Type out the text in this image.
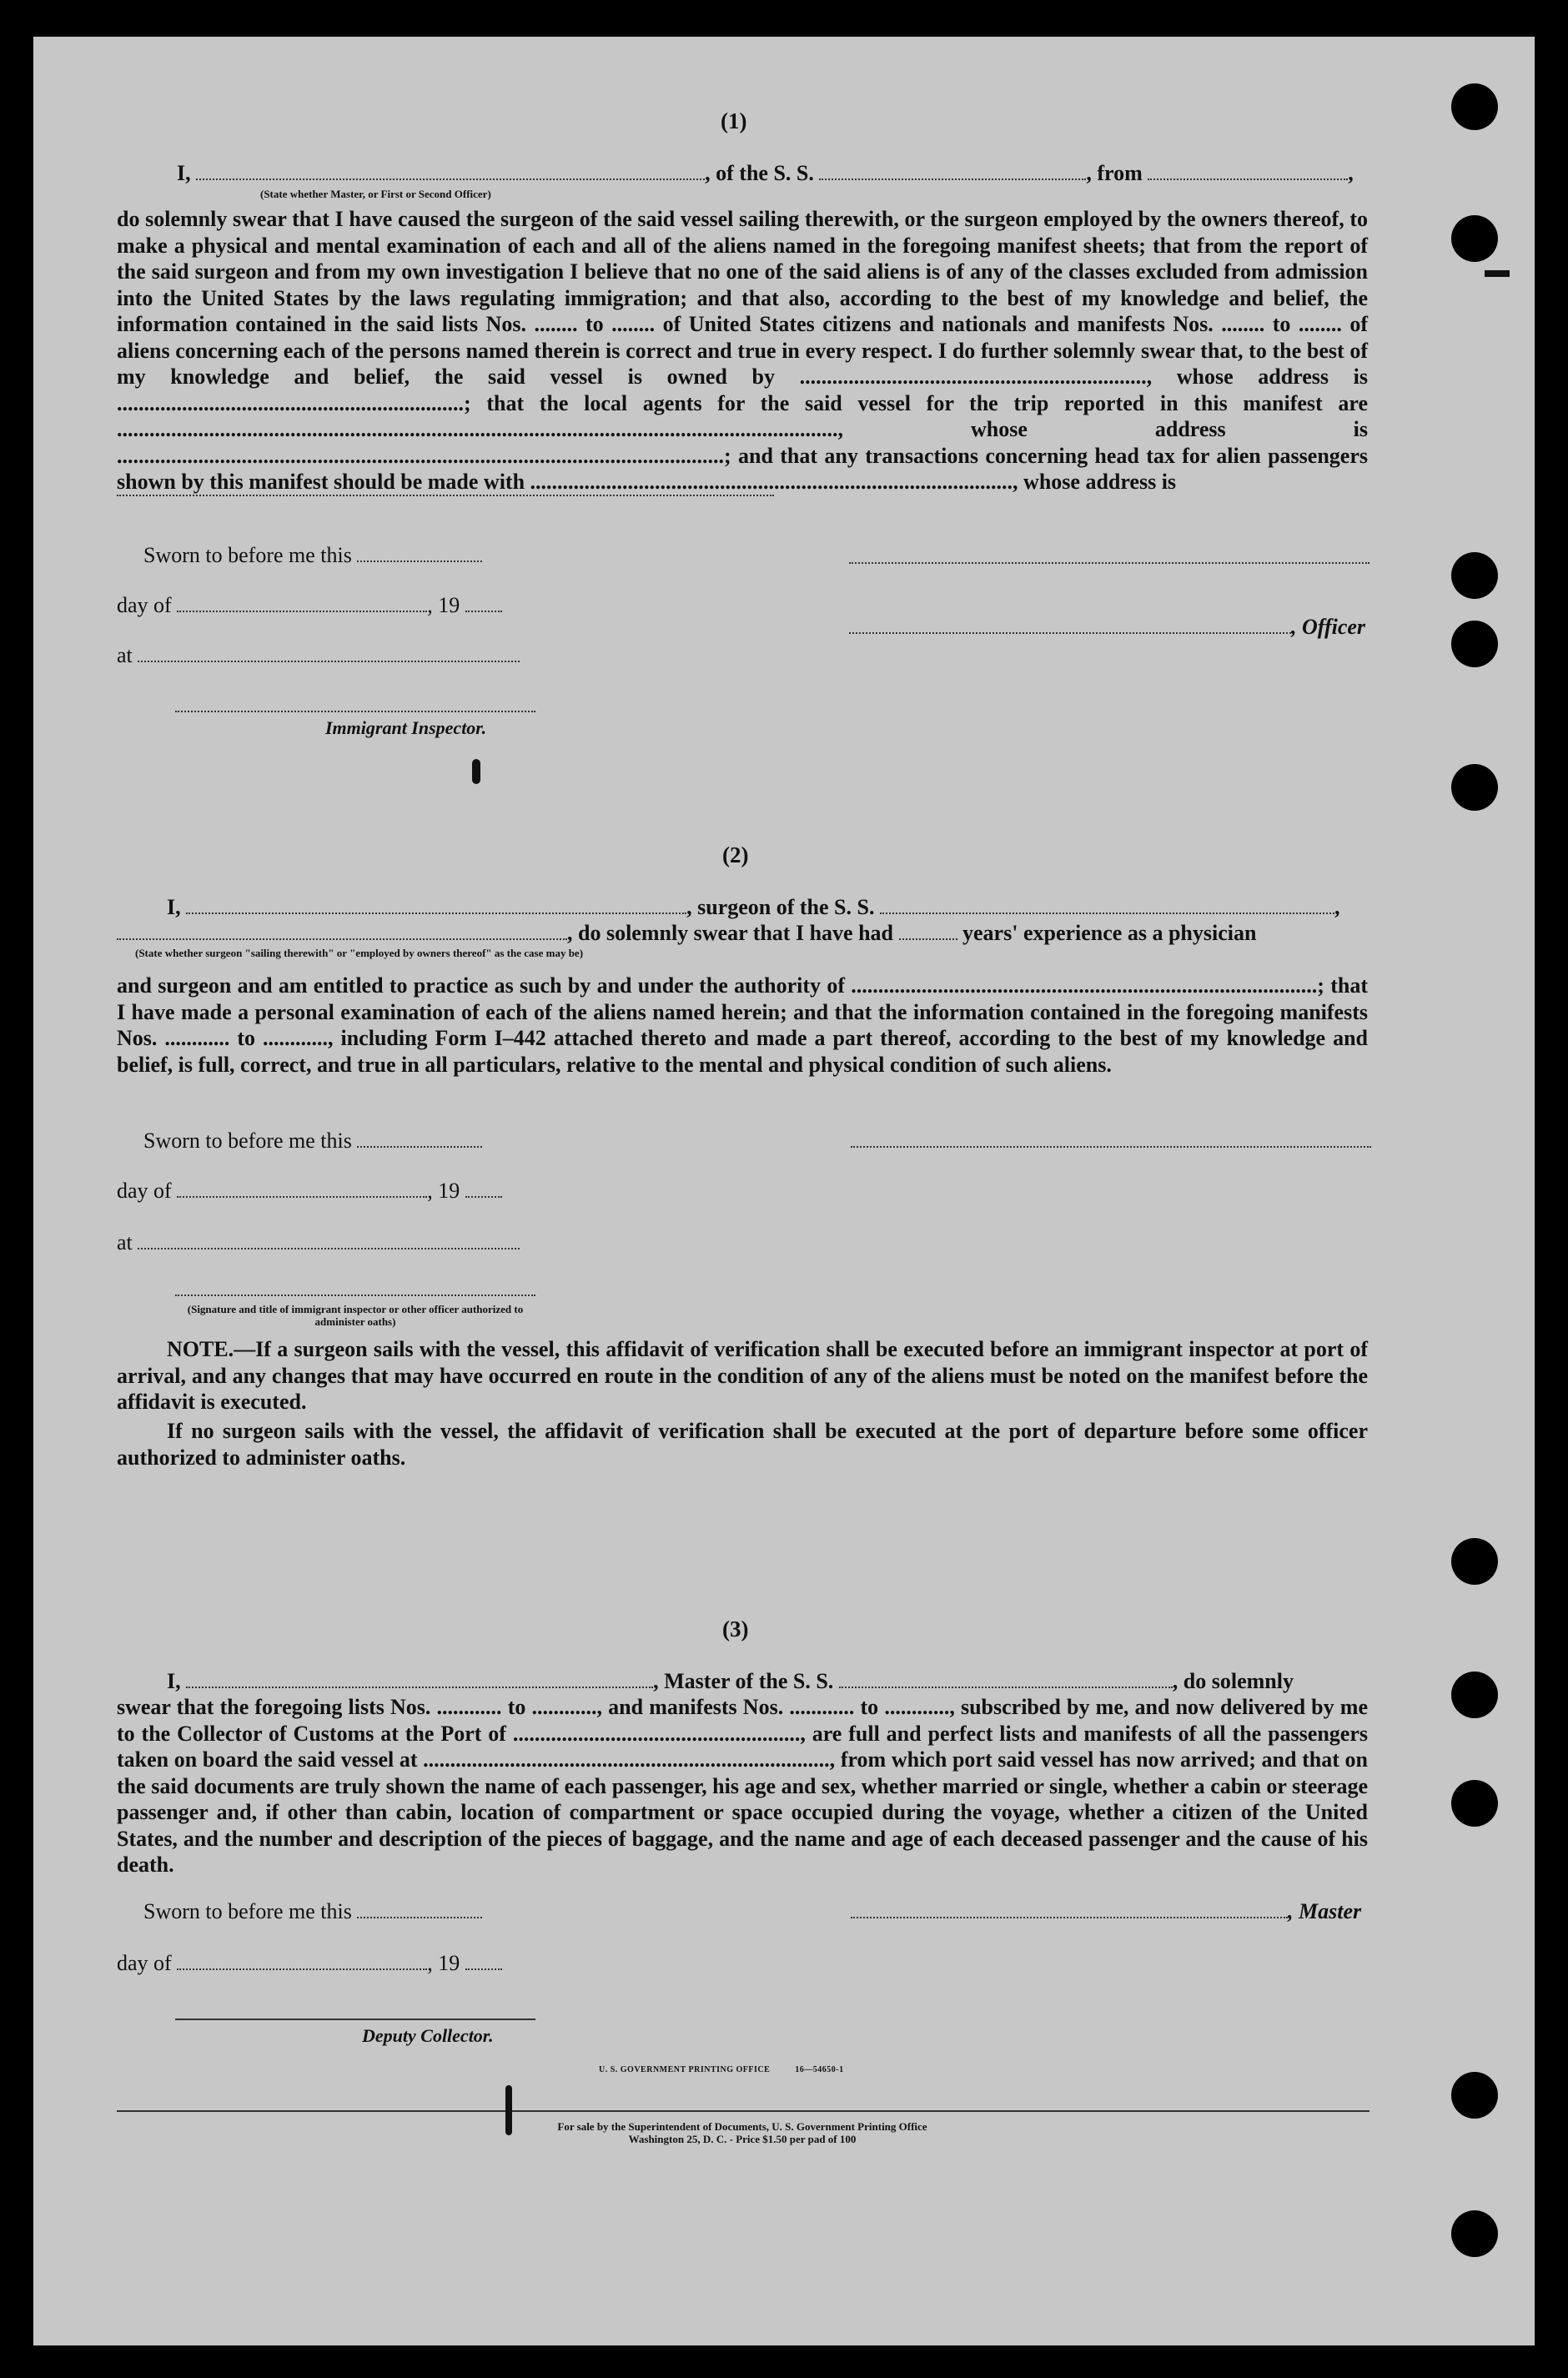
(1)
I,	, of the S. S.	, from	,
(State whether Master, or First or Second Officer)
do solemnly swear that I have caused the surgeon of the said vessel sailing therewith, or the surgeon employed by the owners thereof, to make a physical and mental examination of each and all of the aliens named in the foregoing manifest sheets; that from the report of the said surgeon and from my own investigation I believe that no one of the said aliens is of any of the classes excluded from admission into the United States by the laws regulating immigration; and that also, according to the best of my knowledge and belief, the information contained in the said lists Nos. ........ to ........ of United States citizens and nationals and manifests Nos. ........ to ........ of aliens concerning each of the persons named therein is correct and true in every respect. I do further solemnly swear that, to the best of my knowledge and belief, the said vessel is owned by ................................................................, whose address is ................................................................; that the local agents for the said vessel for the trip reported in this manifest are ....................................................................................................................................., whose address is ................................................................................................................; and that any transactions concerning head tax for alien passengers shown by this manifest should be made with ........................................................................................., whose address is
Sworn to before me this
day of	, 19
, Officer
at
Immigrant Inspector.
(2)
I,	, surgeon of the S. S.	,
, do solemnly swear that I have had	years' experience as a physician
(State whether surgeon "sailing therewith" or "employed by owners thereof" as the case may be)
and surgeon and am entitled to practice as such by and under the authority of ......................................................................................; that I have made a personal examination of each of the aliens named herein; and that the information contained in the foregoing manifests Nos. ............ to ............, including Form I–442 attached thereto and made a part thereof, according to the best of my knowledge and belief, is full, correct, and true in all particulars, relative to the mental and physical condition of such aliens.
Sworn to before me this
day of	, 19
at
(Signature and title of immigrant inspector or other officer authorized to administer oaths)
NOTE.—If a surgeon sails with the vessel, this affidavit of verification shall be executed before an immigrant inspector at port of arrival, and any changes that may have occurred en route in the condition of any of the aliens must be noted on the manifest before the affidavit is executed.
If no surgeon sails with the vessel, the affidavit of verification shall be executed at the port of departure before some officer authorized to administer oaths.
(3)
I,	, Master of the S. S.	, do solemnly
swear that the foregoing lists Nos. ............ to ............, and manifests Nos. ............ to ............, subscribed by me, and now delivered by me to the Collector of Customs at the Port of ....................................................., are full and perfect lists and manifests of all the passengers taken on board the said vessel at ..........................................................................., from which port said vessel has now arrived; and that on the said documents are truly shown the name of each passenger, his age and sex, whether married or single, whether a cabin or steerage passenger and, if other than cabin, location of compartment or space occupied during the voyage, whether a citizen of the United States, and the number and description of the pieces of baggage, and the name and age of each deceased passenger and the cause of his death.
Sworn to before me this	, Master
day of	, 19
Deputy Collector.
U. S. GOVERNMENT PRINTING OFFICE          16—54650-1
For sale by the Superintendent of Documents, U. S. Government Printing Office
Washington 25, D. C. - Price $1.50 per pad of 100
